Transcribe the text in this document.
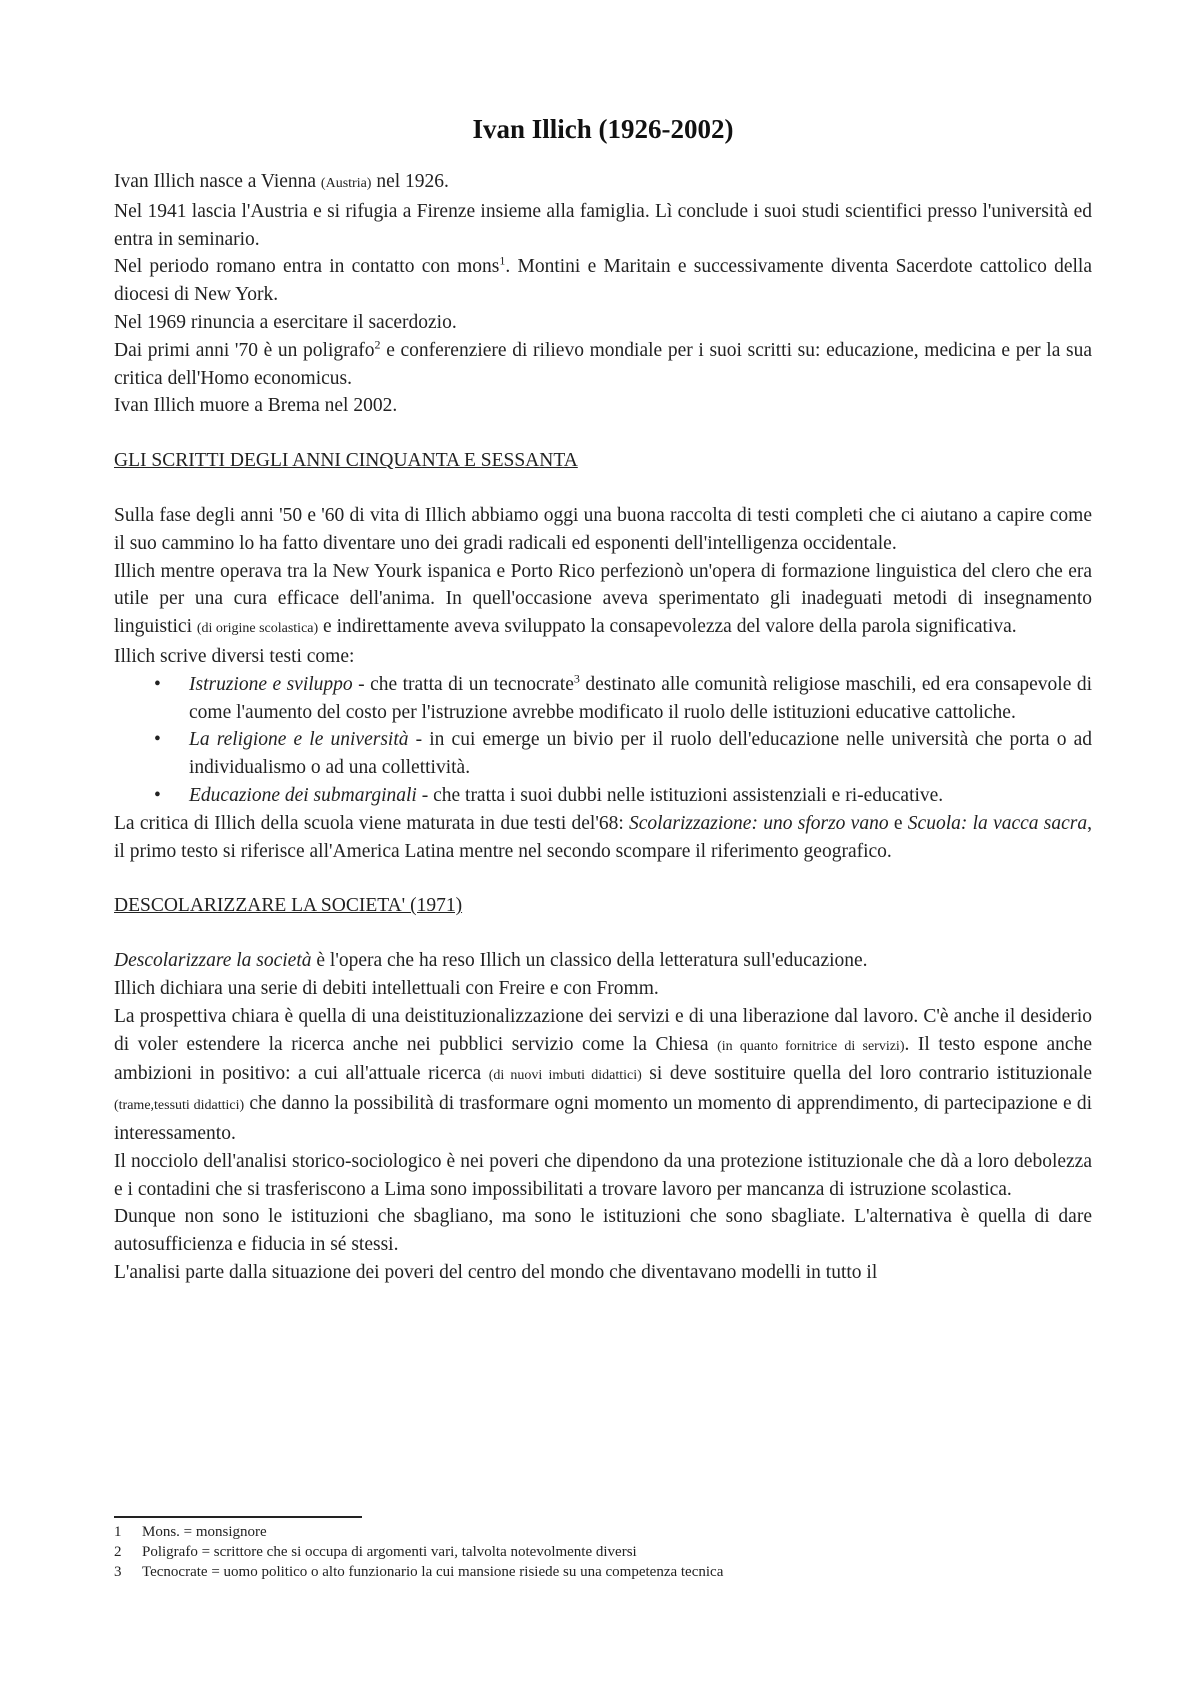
Ivan Illich (1926-2002)

Ivan Illich nasce a Vienna (Austria) nel 1926.

Nel 1941 lascia l'Austria e si rifugia a Firenze insieme alla famiglia. Lì conclude i suoi studi scientifici presso l'università ed entra in seminario.

Nel periodo romano entra in contatto con mons$^1$. Montini e Maritain e successivamente diventa Sacerdote cattolico della diocesi di New York.

Nel 1969 rinuncia a esercitare il sacerdozio.

Dai primi anni '70 è un poligrafo$^2$ e conferenziere di rilievo mondiale per i suoi scritti su: educazione, medicina e per la sua critica dell'Homo economicus.

Ivan Illich muore a Brema nel 2002.

GLI SCRITTI DEGLI ANNI CINQUANTA E SESSANTA

Sulla fase degli anni '50 e '60 di vita di Illich abbiamo oggi una buona raccolta di testi completi che ci aiutano a capire come il suo cammino lo ha fatto diventare uno dei gradi radicali ed esponenti dell'intelligenza occidentale.

Illich mentre operava tra la New Yourk ispanica e Porto Rico perfezionò un'opera di formazione linguistica del clero che era utile per una cura efficace dell'anima. In quell'occasione aveva sperimentato gli inadeguati metodi di insegnamento linguistici (di origine scolastica) e indirettamente aveva sviluppato la consapevolezza del valore della parola significativa.

Illich scrive diversi testi come:

• Istruzione e sviluppo - che tratta di un tecnocrate$^3$ destinato alle comunità religiose maschili, ed era consapevole di come l'aumento del costo per l'istruzione avrebbe modificato il ruolo delle istituzioni educative cattoliche.
• La religione e le università - in cui emerge un bivio per il ruolo dell'educazione nelle università che porta o ad individualismo o ad una collettività.
• Educazione dei submarginali - che tratta i suoi dubbi nelle istituzioni assistenziali e ri-educative.

La critica di Illich della scuola viene maturata in due testi del'68: Scolarizzazione: uno sforzo vano e Scuola: la vacca sacra, il primo testo si riferisce all'America Latina mentre nel secondo scompare il riferimento geografico.

DESCOLARIZZARE LA SOCIETA' (1971)

Descolarizzare la società è l'opera che ha reso Illich un classico della letteratura sull'educazione.

Illich dichiara una serie di debiti intellettuali con Freire e con Fromm.

La prospettiva chiara è quella di una deistituzionalizzazione dei servizi e di una liberazione dal lavoro. C'è anche il desiderio di voler estendere la ricerca anche nei pubblici servizio come la Chiesa (in quanto fornitrice di servizi). Il testo espone anche ambizioni in positivo: a cui all'attuale ricerca (di nuovi imbuti didattici) si deve sostituire quella del loro contrario istituzionale (trame,tessuti didattici) che danno la possibilità di trasformare ogni momento un momento di apprendimento, di partecipazione e di interessamento.

Il nocciolo dell'analisi storico-sociologico è nei poveri che dipendono da una protezione istituzionale che dà a loro debolezza e i contadini che si trasferiscono a Lima sono impossibilitati a trovare lavoro per mancanza di istruzione scolastica.

Dunque non sono le istituzioni che sbagliano, ma sono le istituzioni che sono sbagliate. L'alternativa è quella di dare autosufficienza e fiducia in sé stessi.

L'analisi parte dalla situazione dei poveri del centro del mondo che diventavano modelli in tutto il

1	Mons. = monsignore
2	Poligrafo = scrittore che si occupa di argomenti vari, talvolta notevolmente diversi
3	Tecnocrate = uomo politico o alto funzionario la cui mansione risiede su una competenza tecnica
